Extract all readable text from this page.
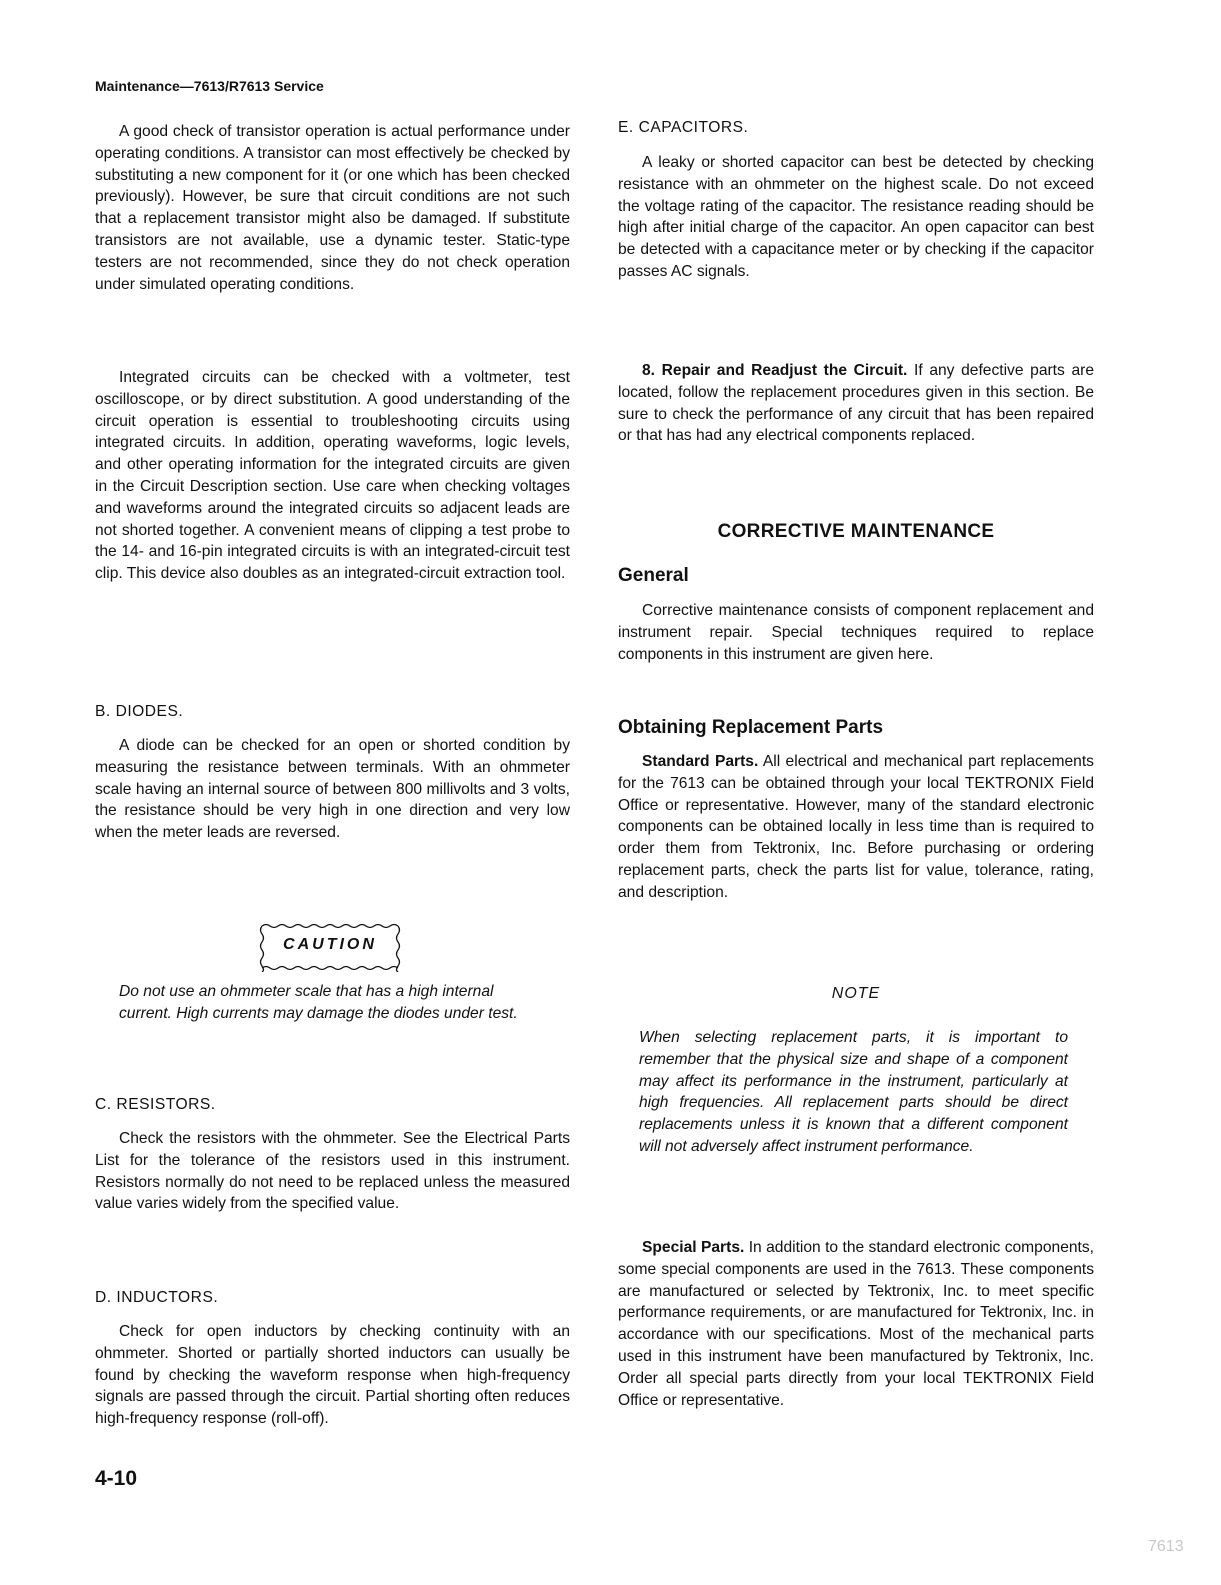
Maintenance—7613/R7613 Service

A good check of transistor operation is actual performance under operating conditions. A transistor can most effectively be checked by substituting a new component for it (or one which has been checked previously). However, be sure that circuit conditions are not such that a replacement transistor might also be damaged. If substitute transistors are not available, use a dynamic tester. Static-type testers are not recommended, since they do not check operation under simulated operating conditions.

Integrated circuits can be checked with a voltmeter, test oscilloscope, or by direct substitution. A good understanding of the circuit operation is essential to troubleshooting circuits using integrated circuits. In addition, operating waveforms, logic levels, and other operating information for the integrated circuits are given in the Circuit Description section. Use care when checking voltages and waveforms around the integrated circuits so adjacent leads are not shorted together. A convenient means of clipping a test probe to the 14- and 16-pin integrated circuits is with an integrated-circuit test clip. This device also doubles as an integrated-circuit extraction tool.

B. DIODES.

A diode can be checked for an open or shorted condition by measuring the resistance between terminals. With an ohmmeter scale having an internal source of between 800 millivolts and 3 volts, the resistance should be very high in one direction and very low when the meter leads are reversed.

CAUTION

Do not use an ohmmeter scale that has a high internal current. High currents may damage the diodes under test.

C. RESISTORS.

Check the resistors with the ohmmeter. See the Electrical Parts List for the tolerance of the resistors used in this instrument. Resistors normally do not need to be replaced unless the measured value varies widely from the specified value.

D. INDUCTORS.

Check for open inductors by checking continuity with an ohmmeter. Shorted or partially shorted inductors can usually be found by checking the waveform response when high-frequency signals are passed through the circuit. Partial shorting often reduces high-frequency response (roll-off).

E. CAPACITORS.

A leaky or shorted capacitor can best be detected by checking resistance with an ohmmeter on the highest scale. Do not exceed the voltage rating of the capacitor. The resistance reading should be high after initial charge of the capacitor. An open capacitor can best be detected with a capacitance meter or by checking if the capacitor passes AC signals.

8. Repair and Readjust the Circuit. If any defective parts are located, follow the replacement procedures given in this section. Be sure to check the performance of any circuit that has been repaired or that has had any electrical components replaced.

CORRECTIVE MAINTENANCE
General

Corrective maintenance consists of component replacement and instrument repair. Special techniques required to replace components in this instrument are given here.

Obtaining Replacement Parts

Standard Parts. All electrical and mechanical part replacements for the 7613 can be obtained through your local TEKTRONIX Field Office or representative. However, many of the standard electronic components can be obtained locally in less time than is required to order them from Tektronix, Inc. Before purchasing or ordering replacement parts, check the parts list for value, tolerance, rating, and description.

NOTE

When selecting replacement parts, it is important to remember that the physical size and shape of a component may affect its performance in the instrument, particularly at high frequencies. All replacement parts should be direct replacements unless it is known that a different component will not adversely affect instrument performance.

Special Parts. In addition to the standard electronic components, some special components are used in the 7613. These components are manufactured or selected by Tektronix, Inc. to meet specific performance requirements, or are manufactured for Tektronix, Inc. in accordance with our specifications. Most of the mechanical parts used in this instrument have been manufactured by Tektronix, Inc. Order all special parts directly from your local TEKTRONIX Field Office or representative.

4-10
7613
